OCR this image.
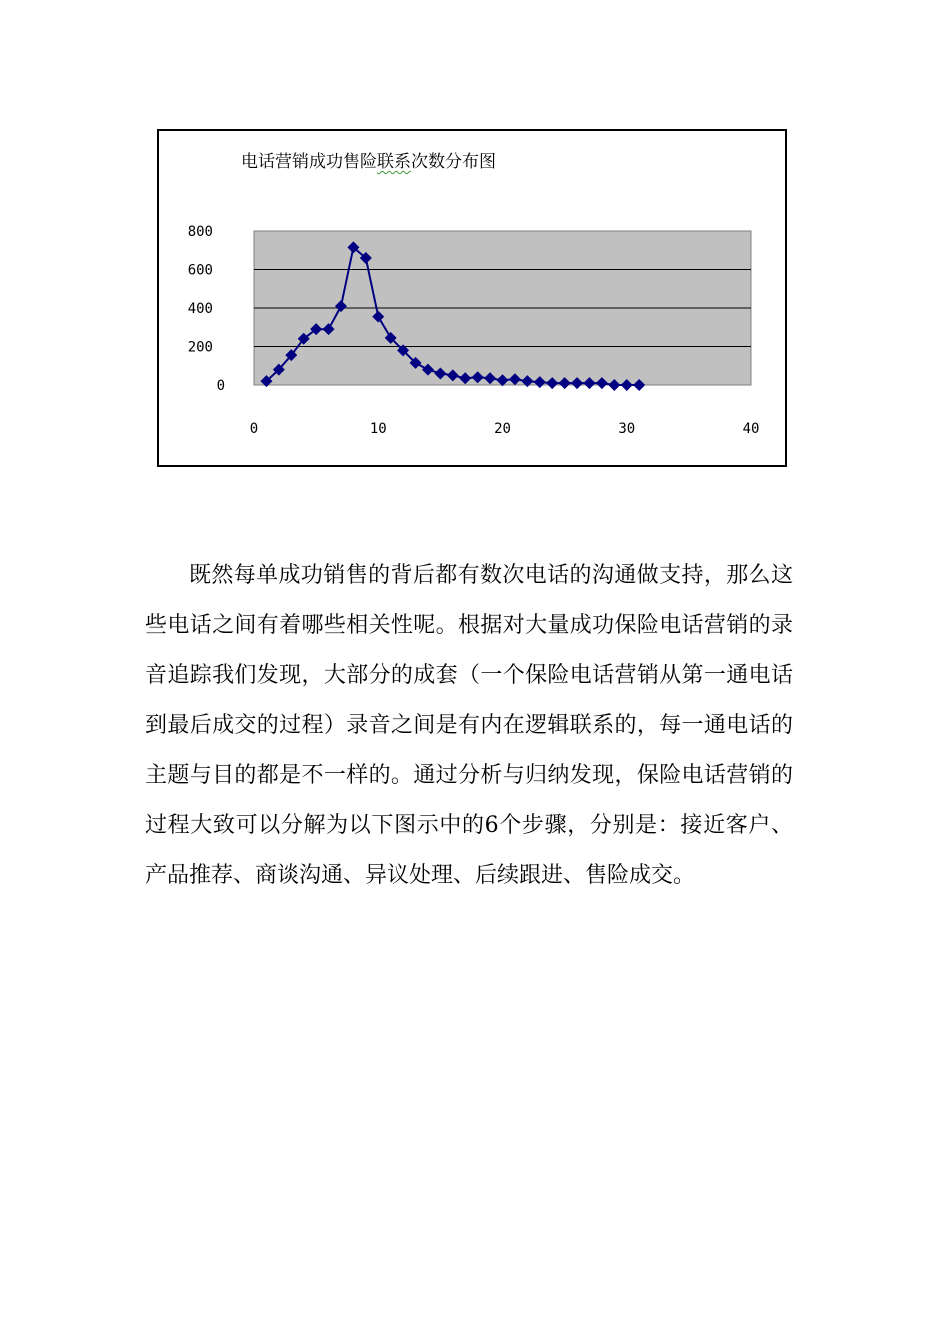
电话营销成功售险联系次数分布图
800
600
400
200
0
0	10	20	30	40

既然每单成功销售的背后都有数次电话的沟通做支持，那么这些电话之间有着哪些相关性呢。根据对大量成功保险电话营销的录音追踪我们发现，大部分的成套（一个保险电话营销从第一通电话到最后成交的过程）录音之间是有内在逻辑联系的，每一通电话的主题与目的都是不一样的。通过分析与归纳发现，保险电话营销的过程大致可以分解为以下图示中的6个步骤，分别是：接近客户、产品推荐、商谈沟通、异议处理、后续跟进、售险成交。
